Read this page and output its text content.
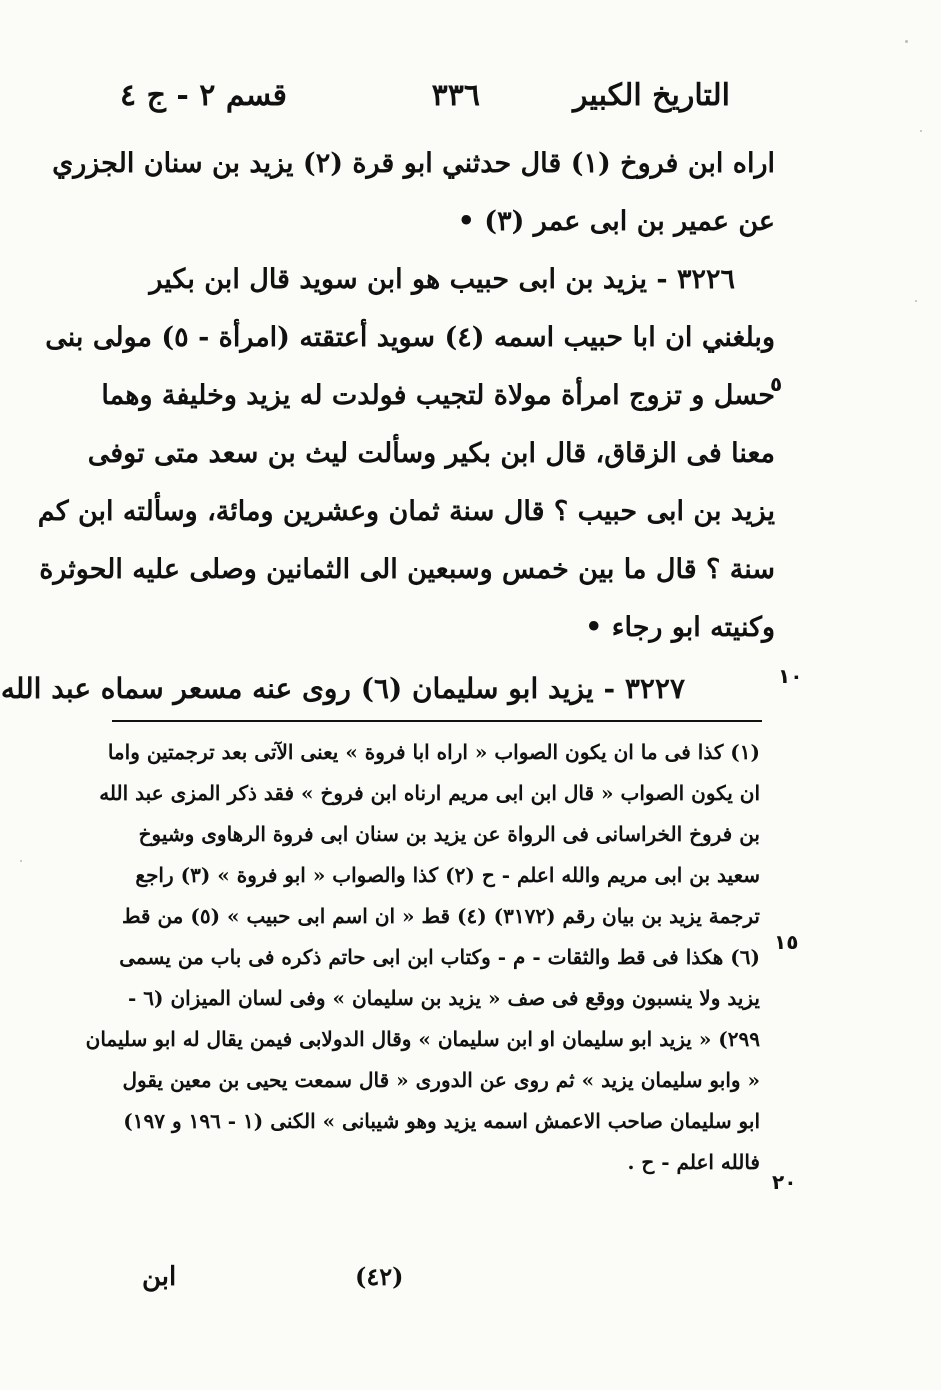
التاريخ الكبير
٣٣٦
قسم ٢ - ج ٤
اراه ابن فروخ (١) قال حدثني ابو قرة (٢) يزيد بن سنان الجزري
عن عمير بن ابى عمر (٣) •
٣٢٢٦ - يزيد بن ابى حبيب هو ابن سويد قال ابن بكير
وبلغني ان ابا حبيب اسمه (٤) سويد أعتقته (امرأة - ٥) مولى بنى
حسل و تزوج امرأة مولاة لتجيب فولدت له يزيد وخليفة وهما
معنا فى الزقاق، قال ابن بكير وسألت ليث بن سعد متى توفى
يزيد بن ابى حبيب ؟ قال سنة ثمان وعشرين ومائة، وسألته ابن كم
سنة ؟ قال ما بين خمس وسبعين الى الثمانين وصلى عليه الحوثرة
وكنيته ابو رجاء •
٣٢٢٧ - يزيد ابو سليمان (٦) روى عنه مسعر سماه عبد الله
٥
١٠
(١) كذا فى ما ان يكون الصواب « اراه ابا فروة » يعنى الآتى بعد ترجمتين واما
ان يكون الصواب « قال ابن ابى مريم ارناه ابن فروخ » فقد ذكر المزى عبد الله
بن فروخ الخراسانى فى الرواة عن يزيد بن سنان ابى فروة الرهاوى وشيوخ
سعيد بن ابى مريم والله اعلم - ح (٢) كذا والصواب « ابو فروة » (٣) راجع
ترجمة يزيد بن بيان رقم (٣١٧٢) (٤) قط « ان اسم ابى حبيب » (٥) من قط
(٦) هكذا فى قط والثقات - م - وكتاب ابن ابى حاتم ذكره فى باب من يسمى
يزيد ولا ينسبون ووقع فى صف « يزيد بن سليمان » وفى لسان الميزان (٦ -
٢٩٩) « يزيد ابو سليمان او ابن سليمان » وقال الدولابى فيمن يقال له ابو سليمان
« وابو سليمان يزيد » ثم روى عن الدورى « قال سمعت يحيى بن معين يقول
ابو سليمان صاحب الاعمش اسمه يزيد وهو شيبانى » الكنى (١ - ١٩٦ و ١٩٧)
فالله اعلم - ح .
١٥
٢٠
(٤٢)
ابن
